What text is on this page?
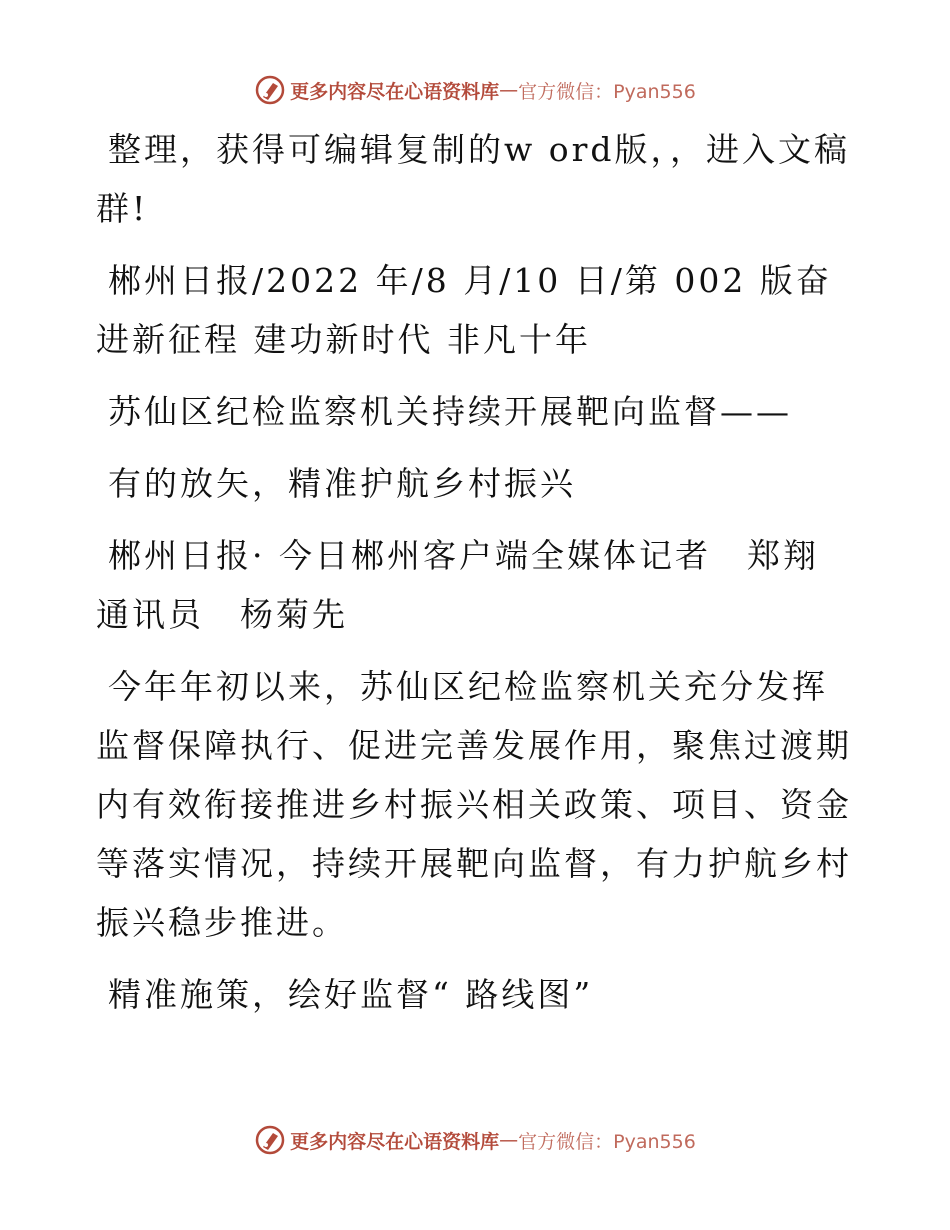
更多内容尽在心语资料库 — 官方微信：Pyan556

整理，获得可编辑复制的w ord版，，进入文稿群!

郴州日报/2022 年/8 月/10 日/第 002 版奋进新征程 建功新时代 非凡十年

苏仙区纪检监察机关持续开展靶向监督——

有的放矢，精准护航乡村振兴

郴州日报· 今日郴州客户端全媒体记者　郑翔　通讯员　杨菊先

今年年初以来，苏仙区纪检监察机关充分发挥监督保障执行、促进完善发展作用，聚焦过渡期内有效衔接推进乡村振兴相关政策、项目、资金等落实情况，持续开展靶向监督，有力护航乡村振兴稳步推进。

精准施策，绘好监督“ 路线图”

更多内容尽在心语资料库 — 官方微信：Pyan556
